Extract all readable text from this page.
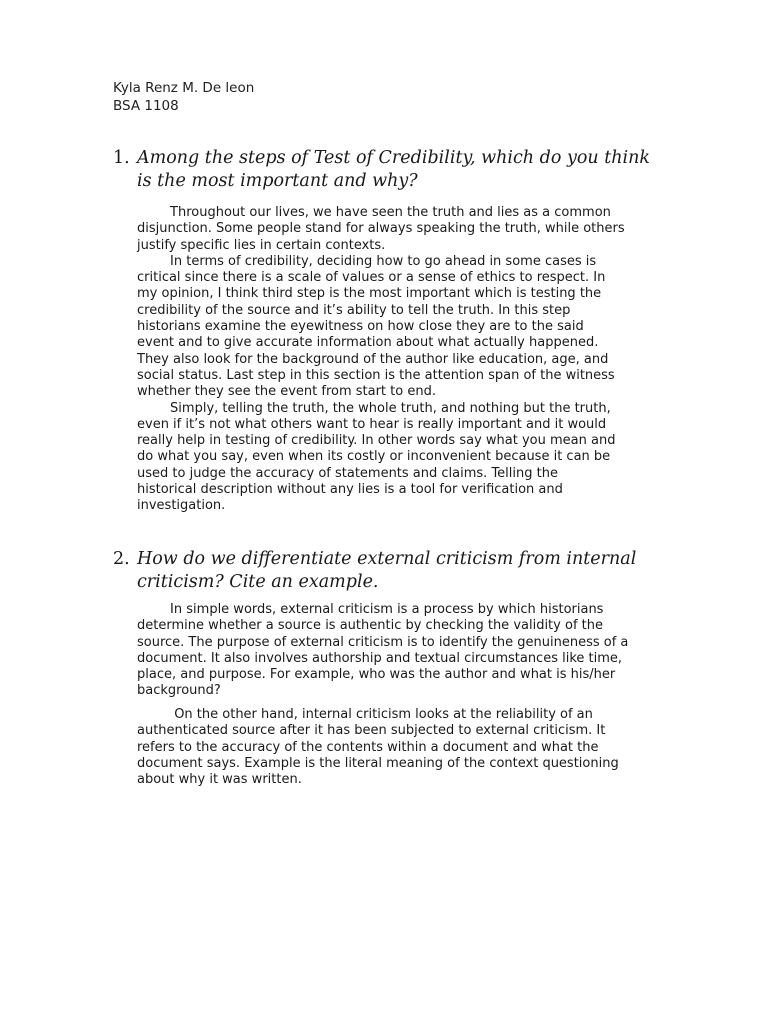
Kyla Renz M. De leon
BSA 1108
1. Among the steps of Test of Credibility, which do you think
is the most important and why?
Throughout our lives, we have seen the truth and lies as a common
disjunction. Some people stand for always speaking the truth, while others
justify specific lies in certain contexts.
In terms of credibility, deciding how to go ahead in some cases is
critical since there is a scale of values or a sense of ethics to respect. In
my opinion, I think third step is the most important which is testing the
credibility of the source and it’s ability to tell the truth. In this step
historians examine the eyewitness on how close they are to the said
event and to give accurate information about what actually happened.
They also look for the background of the author like education, age, and
social status. Last step in this section is the attention span of the witness
whether they see the event from start to end.
Simply, telling the truth, the whole truth, and nothing but the truth,
even if it’s not what others want to hear is really important and it would
really help in testing of credibility. In other words say what you mean and
do what you say, even when its costly or inconvenient because it can be
used to judge the accuracy of statements and claims. Telling the
historical description without any lies is a tool for verification and
investigation.
2. How do we differentiate external criticism from internal
criticism? Cite an example.
In simple words, external criticism is a process by which historians
determine whether a source is authentic by checking the validity of the
source. The purpose of external criticism is to identify the genuineness of a
document. It also involves authorship and textual circumstances like time,
place, and purpose. For example, who was the author and what is his/her
background?
On the other hand, internal criticism looks at the reliability of an
authenticated source after it has been subjected to external criticism. It
refers to the accuracy of the contents within a document and what the
document says. Example is the literal meaning of the context questioning
about why it was written.
